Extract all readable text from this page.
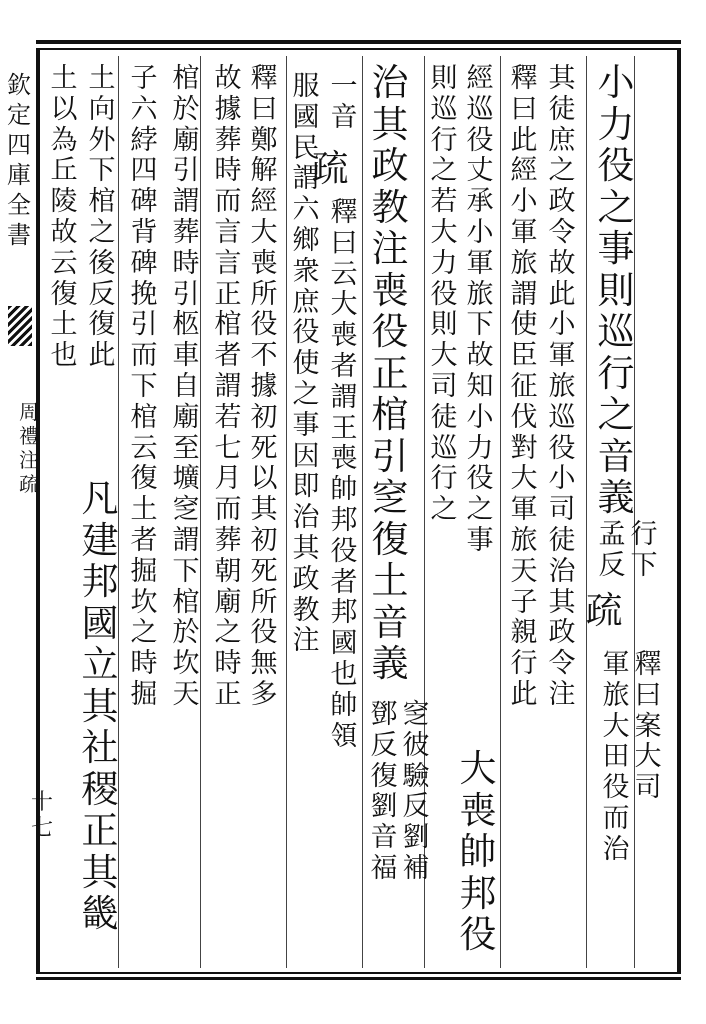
欽
定
四
庫
全
書
周
禮
注
疏
十
七
小
力
役
之
事
則
巡
行
之
音
義
行
下
孟
反
疏
釋
曰
案
大
司
軍
旅
大
田
役
而
治
其
徒
庶
之
政
令
故
此
小
軍
旅
巡
役
小
司
徒
治
其
政
令
注
釋
曰
此
經
小
軍
旅
謂
使
臣
征
伐
對
大
軍
旅
天
子
親
行
此
經
巡
役
丈
承
小
軍
旅
下
故
知
小
力
役
之
事
則
巡
行
之
若
大
力
役
則
大
司
徒
巡
行
之
大
喪
帥
邦
役
治
其
政
教
注
喪
役
正
棺
引
窆
復
土
音
義
窆
彼
驗
反
劉
補
鄧
反
復
劉
音
福
一
音
疏
釋
曰
云
大
喪
者
謂
王
喪
帥
邦
役
者
邦
國
也
帥
領
服
國
民
謂
六
鄉
衆
庶
役
使
之
事
因
即
治
其
政
教
注
釋
曰
鄭
解
經
大
喪
所
役
不
據
初
死
以
其
初
死
所
役
無
多
故
據
葬
時
而
言
言
正
棺
者
謂
若
七
月
而
葬
朝
廟
之
時
正
棺
於
廟
引
謂
葬
時
引
柩
車
自
廟
至
壙
窆
謂
下
棺
於
坎
天
子
六
綍
四
碑
背
碑
挽
引
而
下
棺
云
復
土
者
掘
坎
之
時
掘
土
向
外
下
棺
之
後
反
復
此
土
以
為
丘
陵
故
云
復
土
也
凡
建
邦
國
立
其
社
稷
正
其
畿
